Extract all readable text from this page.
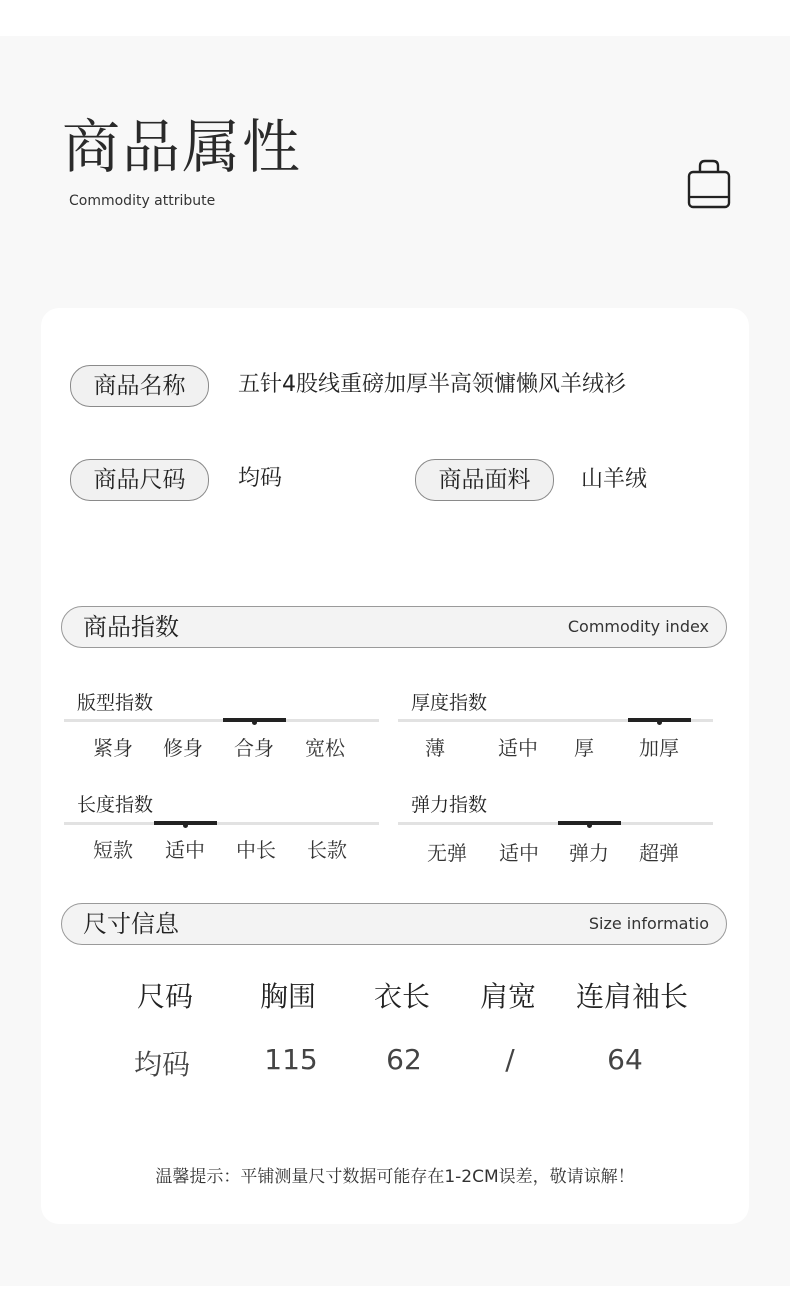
商品属性
Commodity attribute
商品名称	五针4股线重磅加厚半高领慵懒风羊绒衫
商品尺码	均码	商品面料	山羊绒
商品指数	Commodity index
版型指数
紧身	修身	合身	宽松
厚度指数
薄	适中	厚	加厚
长度指数
短款	适中	中长	长款
弹力指数
无弹	适中	弹力	超弹
尺寸信息	Size informatio
尺码	胸围	衣长	肩宽	连肩袖长
均码	115	62	/	64
温馨提示：平铺测量尺寸数据可能存在1-2CM误差，敬请谅解！
